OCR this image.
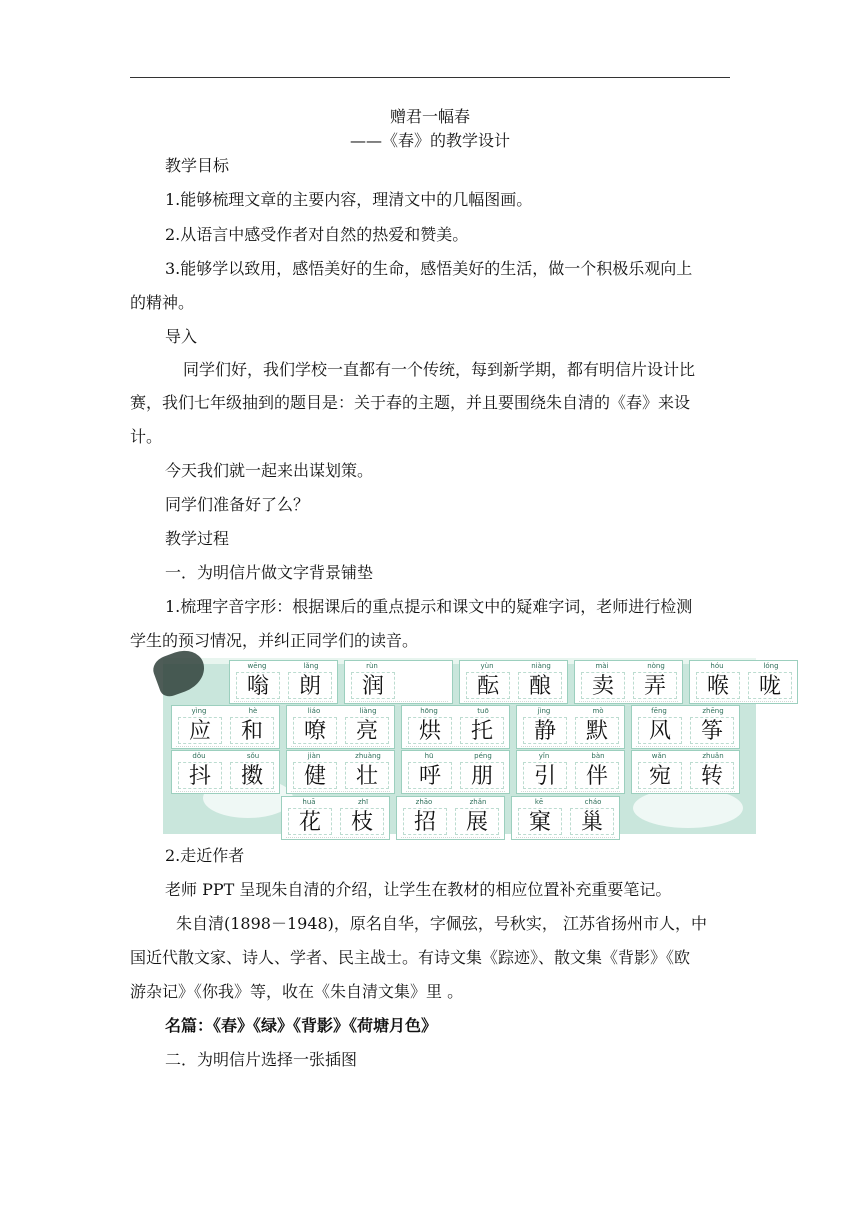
赠君一幅春
——《春》的教学设计
教学目标
1.能够梳理文章的主要内容，理清文中的几幅图画。
2.从语言中感受作者对自然的热爱和赞美。
3.能够学以致用，感悟美好的生命，感悟美好的生活，做一个积极乐观向上
的精神。
导入
同学们好，我们学校一直都有一个传统，每到新学期，都有明信片设计比
赛，我们七年级抽到的题目是：关于春的主题，并且要围绕朱自清的《春》来设
计。
今天我们就一起来出谋划策。
同学们准备好了么？
教学过程
一．为明信片做文字背景铺垫
1.梳理字音字形：根据课后的重点提示和课文中的疑难字词，老师进行检测
学生的预习情况，并纠正同学们的读音。
wēng
嗡
lǎng
朗
rùn
润
yùn
酝
niàng
酿
mài
卖
nòng
弄
hóu
喉
lóng
咙
yìng
应
hè
和
liáo
嘹
liàng
亮
hōng
烘
tuō
托
jìng
静
mò
默
fēng
风
zhēng
筝
dǒu
抖
sǒu
擞
jiàn
健
zhuàng
壮
hū
呼
péng
朋
yǐn
引
bàn
伴
wǎn
宛
zhuǎn
转
huā
花
zhī
枝
zhāo
招
zhǎn
展
kē
窠
cháo
巢
2.走近作者
老师 PPT 呈现朱自清的介绍，让学生在教材的相应位置补充重要笔记。
朱自清(1898－1948)，原名自华，字佩弦，号秋实， 江苏省扬州市人，中
国近代散文家、诗人、学者、民主战士。有诗文集《踪迹》、散文集《背影》《欧
游杂记》《你我》等，收在《朱自清文集》里 。
名篇：《春》《绿》《背影》《荷塘月色》
二．为明信片选择一张插图
